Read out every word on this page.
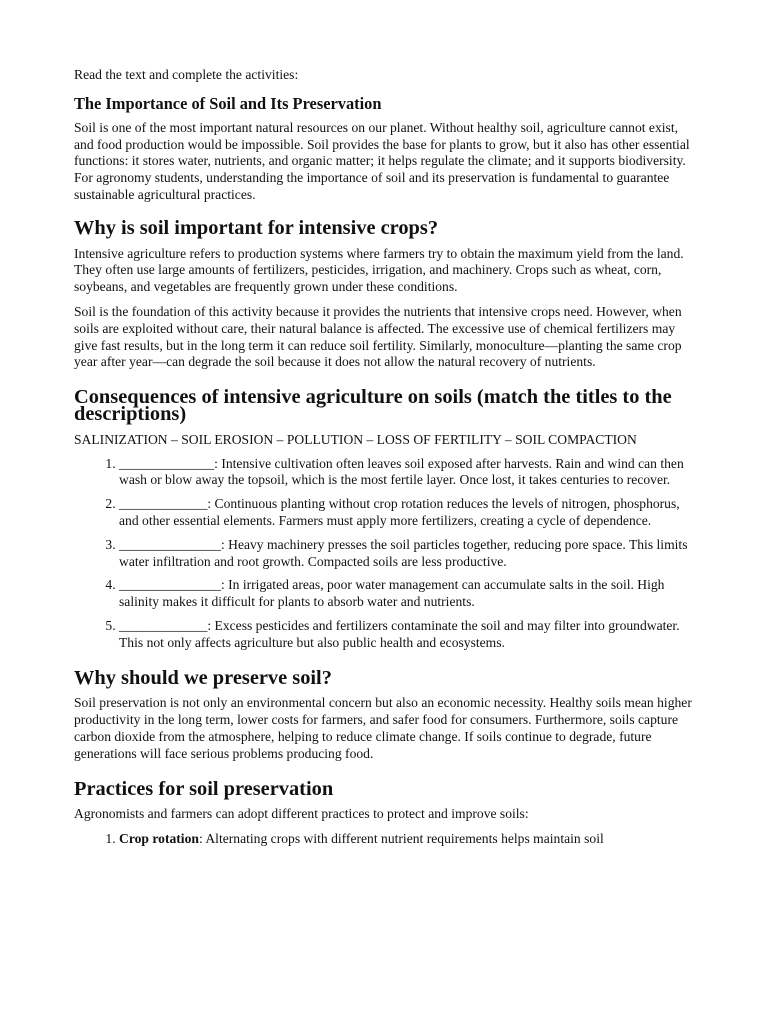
Read the text and complete the activities:

The Importance of Soil and Its Preservation

Soil is one of the most important natural resources on our planet. Without healthy soil, agriculture cannot exist, and food production would be impossible. Soil provides the base for plants to grow, but it also has other essential functions: it stores water, nutrients, and organic matter; it helps regulate the climate; and it supports biodiversity. For agronomy students, understanding the importance of soil and its preservation is fundamental to guarantee sustainable agricultural practices.

Why is soil important for intensive crops?

Intensive agriculture refers to production systems where farmers try to obtain the maximum yield from the land. They often use large amounts of fertilizers, pesticides, irrigation, and machinery. Crops such as wheat, corn, soybeans, and vegetables are frequently grown under these conditions.

Soil is the foundation of this activity because it provides the nutrients that intensive crops need. However, when soils are exploited without care, their natural balance is affected. The excessive use of chemical fertilizers may give fast results, but in the long term it can reduce soil fertility. Similarly, monoculture—planting the same crop year after year—can degrade the soil because it does not allow the natural recovery of nutrients.

Consequences of intensive agriculture on soils (match the titles to the descriptions)

SALINIZATION – SOIL EROSION – POLLUTION – LOSS OF FERTILITY – SOIL COMPACTION

1. ______________: Intensive cultivation often leaves soil exposed after harvests. Rain and wind can then wash or blow away the topsoil, which is the most fertile layer. Once lost, it takes centuries to recover.
2. _____________: Continuous planting without crop rotation reduces the levels of nitrogen, phosphorus, and other essential elements. Farmers must apply more fertilizers, creating a cycle of dependence.
3. _______________: Heavy machinery presses the soil particles together, reducing pore space. This limits water infiltration and root growth. Compacted soils are less productive.
4. _______________: In irrigated areas, poor water management can accumulate salts in the soil. High salinity makes it difficult for plants to absorb water and nutrients.
5. _____________: Excess pesticides and fertilizers contaminate the soil and may filter into groundwater. This not only affects agriculture but also public health and ecosystems.
Why should we preserve soil?

Soil preservation is not only an environmental concern but also an economic necessity. Healthy soils mean higher productivity in the long term, lower costs for farmers, and safer food for consumers. Furthermore, soils capture carbon dioxide from the atmosphere, helping to reduce climate change. If soils continue to degrade, future generations will face serious problems producing food.

Practices for soil preservation

Agronomists and farmers can adopt different practices to protect and improve soils:

1. Crop rotation: Alternating crops with different nutrient requirements helps maintain soil
